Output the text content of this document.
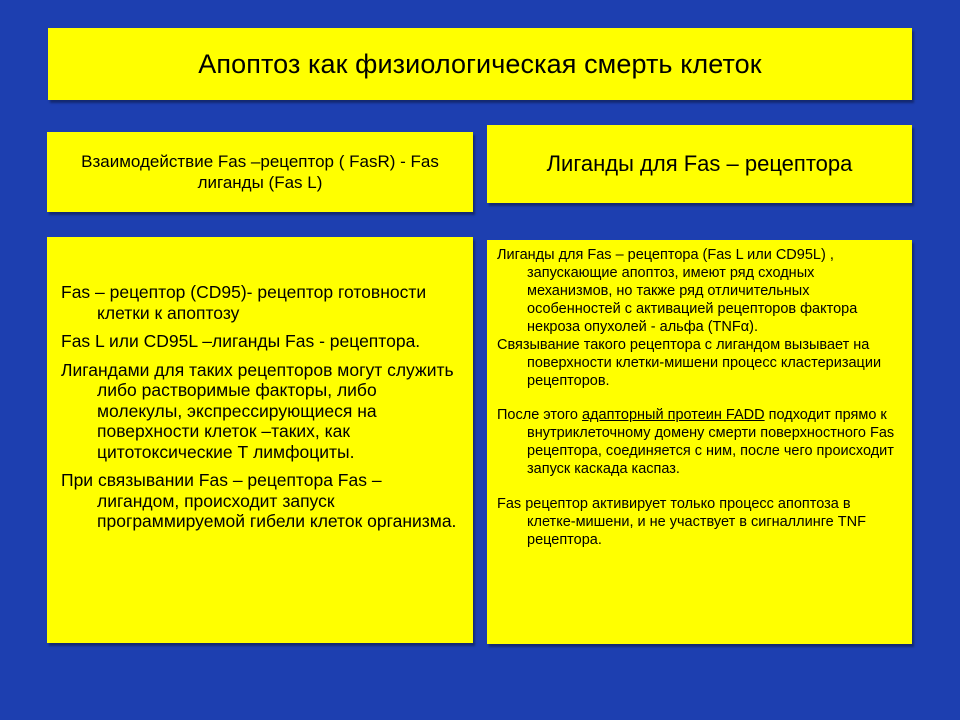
Апоптоз как физиологическая смерть клеток
Взаимодействие Fas –рецептор ( FasR) - Fas лиганды (Fas L)
Лиганды для Fas – рецептора

Fas – рецептор (CD95)- рецептор готовности клетки к апоптозу

Fas L или CD95L –лиганды Fas - рецептора.

Лигандами для таких рецепторов могут служить либо растворимые факторы, либо молекулы, экспрессирующиеся на поверхности клеток –таких, как цитотоксические Т лимфоциты.

При связывании Fas – рецептора Fas – лигандом, происходит запуск программируемой гибели клеток организма.

Лиганды для Fas – рецептора (Fas L или CD95L) , запускающие апоптоз, имеют ряд сходных механизмов, но также ряд отличительных особенностей с активацией рецепторов фактора некроза опухолей - альфа (TNFα).

Связывание такого рецептора с лигандом вызывает на поверхности клетки-мишени процесс кластеризации рецепторов.

После этого адапторный протеин FADD подходит прямо к внутриклеточному домену смерти поверхностного Fas рецептора, соединяется с ним, после чего происходит запуск каскада каспаз.

Fas рецептор активирует только процесс апоптоза в клетке-мишени, и не участвует в сигналлинге TNF рецептора.
